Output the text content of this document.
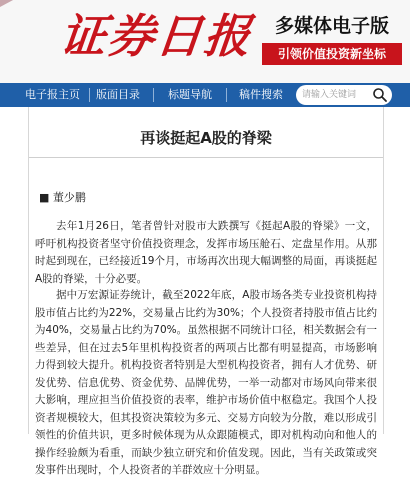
证券日报	多媒体电子版
引领价值投资新坐标
电子报主页 版面目录	标题导航 稿件搜索
请输入关键词
再谈挺起A股的脊梁
■ 董少鹏

去年1月26日，笔者曾针对股市大跌撰写《挺起A股的脊梁》一文，呼吁机构投资者坚守价值投资理念，发挥市场压舱石、定盘星作用。从那时起到现在，已经接近19个月，市场再次出现大幅调整的局面，再谈挺起A股的脊梁，十分必要。

据中万宏源证券统计，截至2022年底，A股市场各类专业投资机构持股市值占比约为22%，交易量占比约为30%；个人投资者持股市值占比约为40%，交易量占比约为70%。虽然根据不同统计口径，相关数据会有一些差异，但在过去5年里机构投资者的两项占比都有明显提高，市场影响力得到较大提升。机构投资者特别是大型机构投资者，拥有人才优势、研发优势、信息优势、资金优势、品牌优势，一举一动都对市场风向带来很大影响，理应担当价值投资的表率，维护市场价值中枢稳定。我国个人投资者规模较大，但其投资决策较为多元、交易方向较为分散，难以形成引领性的价值共识，更多时候体现为从众跟随模式，即对机构动向和他人的操作经验颇为看重，而缺少独立研究和价值发现。因此，当有关政策或突发事件出现时，个人投资者的羊群效应十分明显。
